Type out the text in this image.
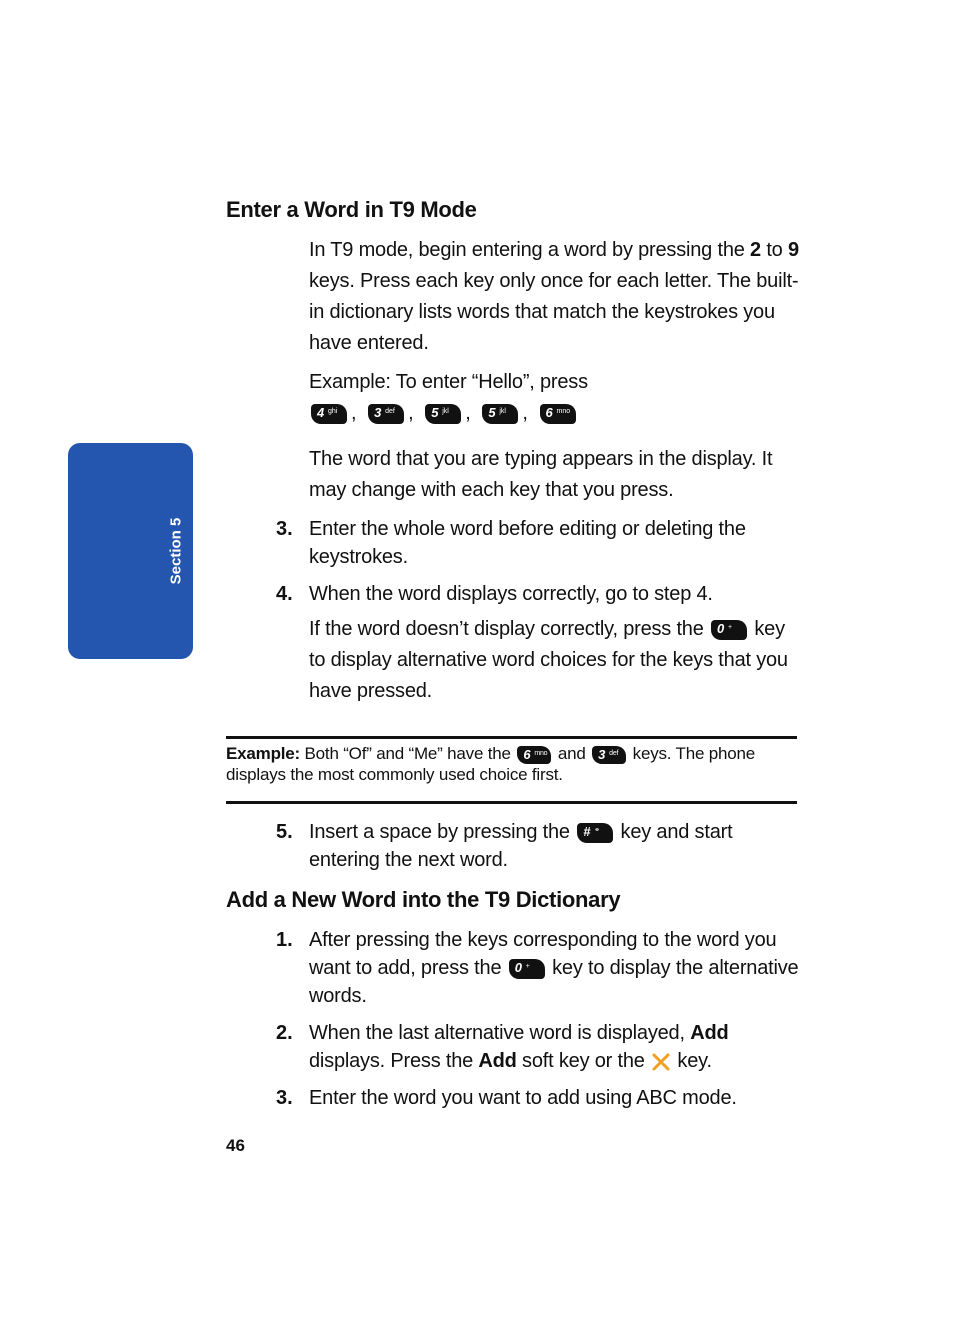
Section 5
Enter a Word in T9 Mode
In T9 mode, begin entering a word by pressing the 2 to 9 keys. Press each key only once for each letter. The built-in dictionary lists words that match the keystrokes you have entered.
Example: To enter “Hello”, press
4 ghi , 3 def , 5 jkl , 5 jkl , 6 mno
The word that you are typing appears in the display. It may change with each key that you press.
3. Enter the whole word before editing or deleting the keystrokes.
4. When the word displays correctly, go to step 4.
If the word doesn’t display correctly, press the 0 + key to display alternative word choices for the keys that you have pressed.
Example: Both “Of” and “Me” have the 6 mno and 3 def keys. The phone displays the most commonly used choice first.
5. Insert a space by pressing the # ⚭ key and start entering the next word.
Add a New Word into the T9 Dictionary
1. After pressing the keys corresponding to the word you want to add, press the 0 + key to display the alternative words.
2. When the last alternative word is displayed, Add displays. Press the Add soft key or the  key.
3. Enter the word you want to add using ABC mode.
46
